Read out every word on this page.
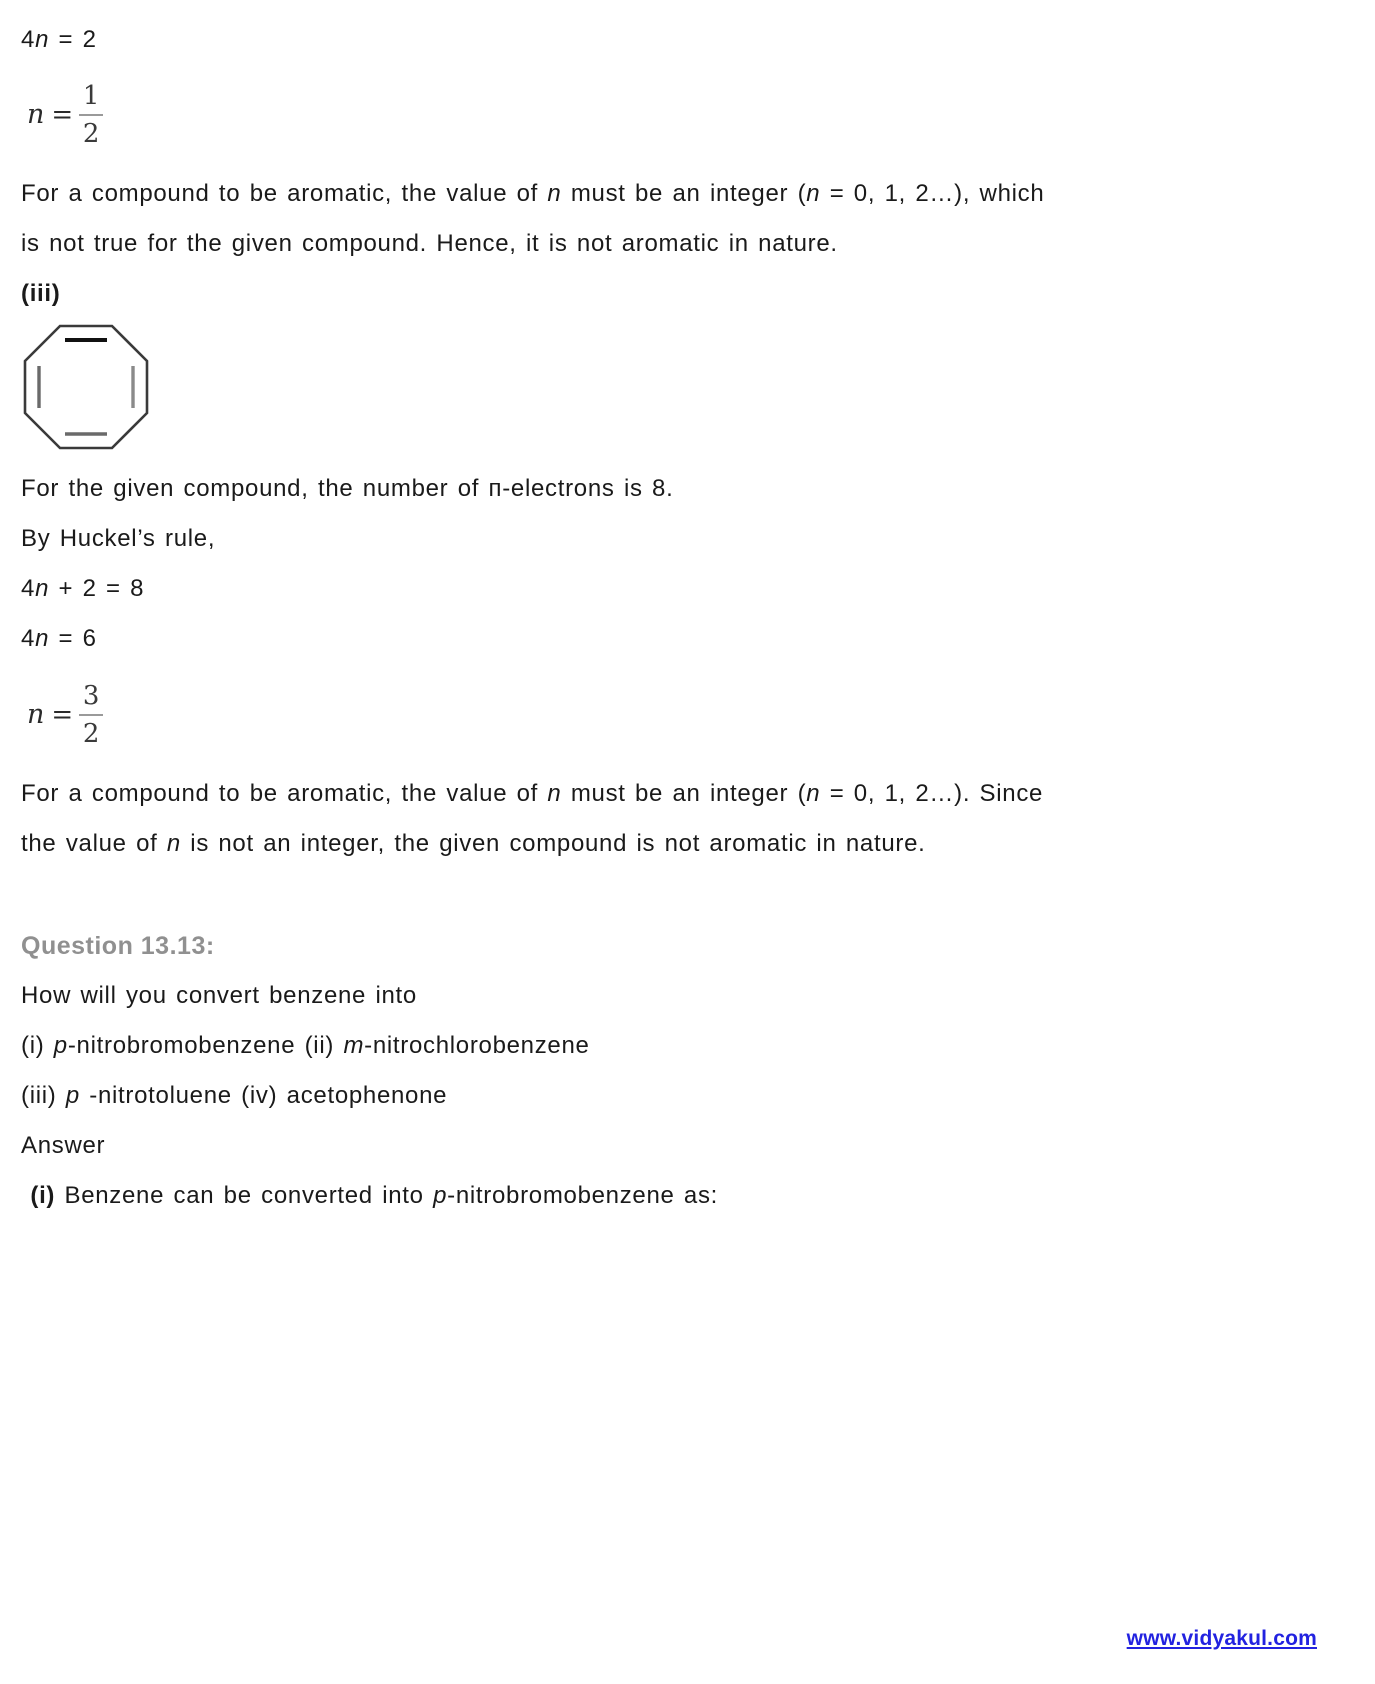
4n = 2
$n = \frac{1}{2}$
For a compound to be aromatic, the value of n must be an integer (n = 0, 1, 2…), which
is not true for the given compound. Hence, it is not aromatic in nature.
(iii)
For the given compound, the number of п-electrons is 8.
By Huckel’s rule,
4n + 2 = 8
4n = 6
$n = \frac{3}{2}$
For a compound to be aromatic, the value of n must be an integer (n = 0, 1, 2…). Since
the value of n is not an integer, the given compound is not aromatic in nature.
Question 13.13:
How will you convert benzene into
(i) p-nitrobromobenzene (ii) m-nitrochlorobenzene
(iii) p -nitrotoluene (iv) acetophenone
Answer
(i) Benzene can be converted into p-nitrobromobenzene as:
www.vidyakul.com
